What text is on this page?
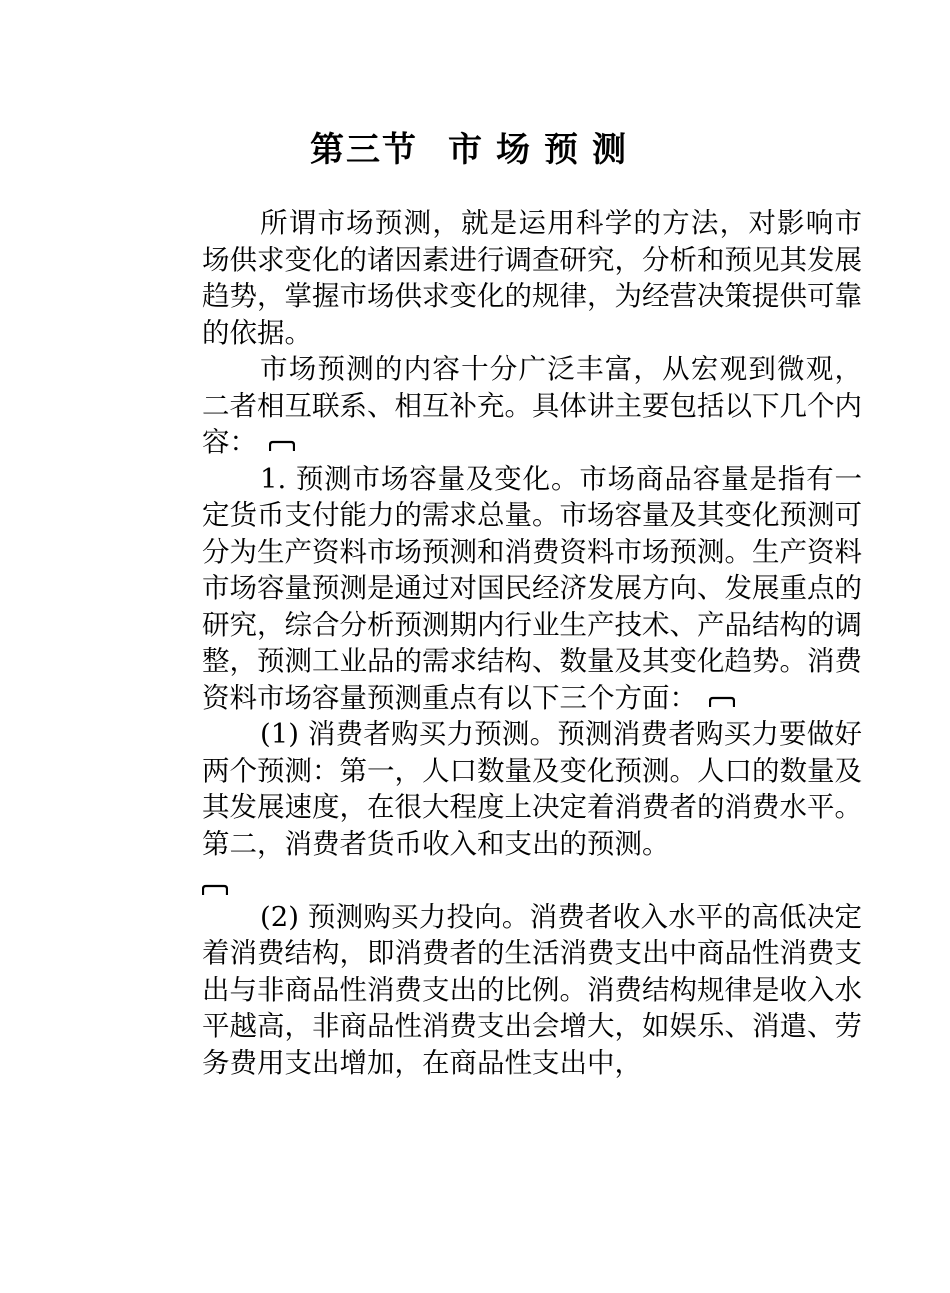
第三节 市场预测

所谓市场预测，就是运用科学的方法，对影响市场供求变化的诸因素进行调查研究，分析和预见其发展趋势，掌握市场供求变化的规律，为经营决策提供可靠的依据。

市场预测的内容十分广泛丰富，从宏观到微观，二者相互联系、相互补充。具体讲主要包括以下几个内容：

1. 预测市场容量及变化。市场商品容量是指有一定货币支付能力的需求总量。市场容量及其变化预测可分为生产资料市场预测和消费资料市场预测。生产资料市场容量预测是通过对国民经济发展方向、发展重点的研究，综合分析预测期内行业生产技术、产品结构的调整，预测工业品的需求结构、数量及其变化趋势。消费资料市场容量预测重点有以下三个方面：

(1) 消费者购买力预测。预测消费者购买力要做好两个预测：第一，人口数量及变化预测。人口的数量及其发展速度，在很大程度上决定着消费者的消费水平。第二，消费者货币收入和支出的预测。

(2) 预测购买力投向。消费者收入水平的高低决定着消费结构，即消费者的生活消费支出中商品性消费支出与非商品性消费支出的比例。消费结构规律是收入水平越高，非商品性消费支出会增大，如娱乐、消遣、劳务费用支出增加，在商品性支出中，
